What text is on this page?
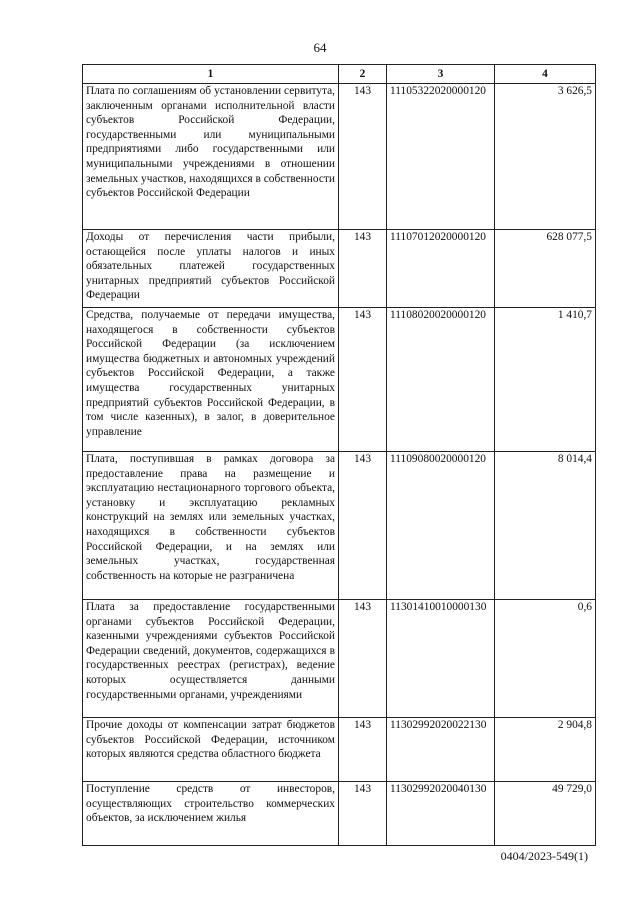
64
1	2	3	4
Плата по соглашениям об установлении сервитута, заключенным органами исполнительной власти субъектов Российской Федерации, государственными или муниципальными предприятиями либо государственными или муниципальными учреждениями в отношении земельных участков, находящихся в собственности субъектов Российской Федерации	143	11105322020000120	3 626,5
Доходы от перечисления части прибыли, остающейся после уплаты налогов и иных обязательных платежей государственных унитарных предприятий субъектов Российской Федерации	143	11107012020000120	628 077,5
Средства, получаемые от передачи имущества, находящегося в собственности субъектов Российской Федерации (за исключением имущества бюджетных и автономных учреждений субъектов Российской Федерации, а также имущества государственных унитарных предприятий субъектов Российской Федерации, в том числе казенных), в залог, в доверительное управление	143	11108020020000120	1 410,7
Плата, поступившая в рамках договора за предоставление права на размещение и эксплуатацию нестационарного торгового объекта, установку и эксплуатацию рекламных конструкций на землях или земельных участках, находящихся в собственности субъектов Российской Федерации, и на землях или земельных участках, государственная собственность на которые не разграничена	143	11109080020000120	8 014,4
Плата за предоставление государственными органами субъектов Российской Федерации, казенными учреждениями субъектов Российской Федерации сведений, документов, содержащихся в государственных реестрах (регистрах), ведение которых осуществляется данными государственными органами, учреждениями	143	11301410010000130	0,6
Прочие доходы от компенсации затрат бюджетов субъектов Российской Федерации, источником которых являются средства областного бюджета	143	11302992020022130	2 904,8
Поступление средств от инвесторов, осуществляющих строительство коммерческих объектов, за исключением жилья	143	11302992020040130	49 729,0
0404/2023-549(1)
